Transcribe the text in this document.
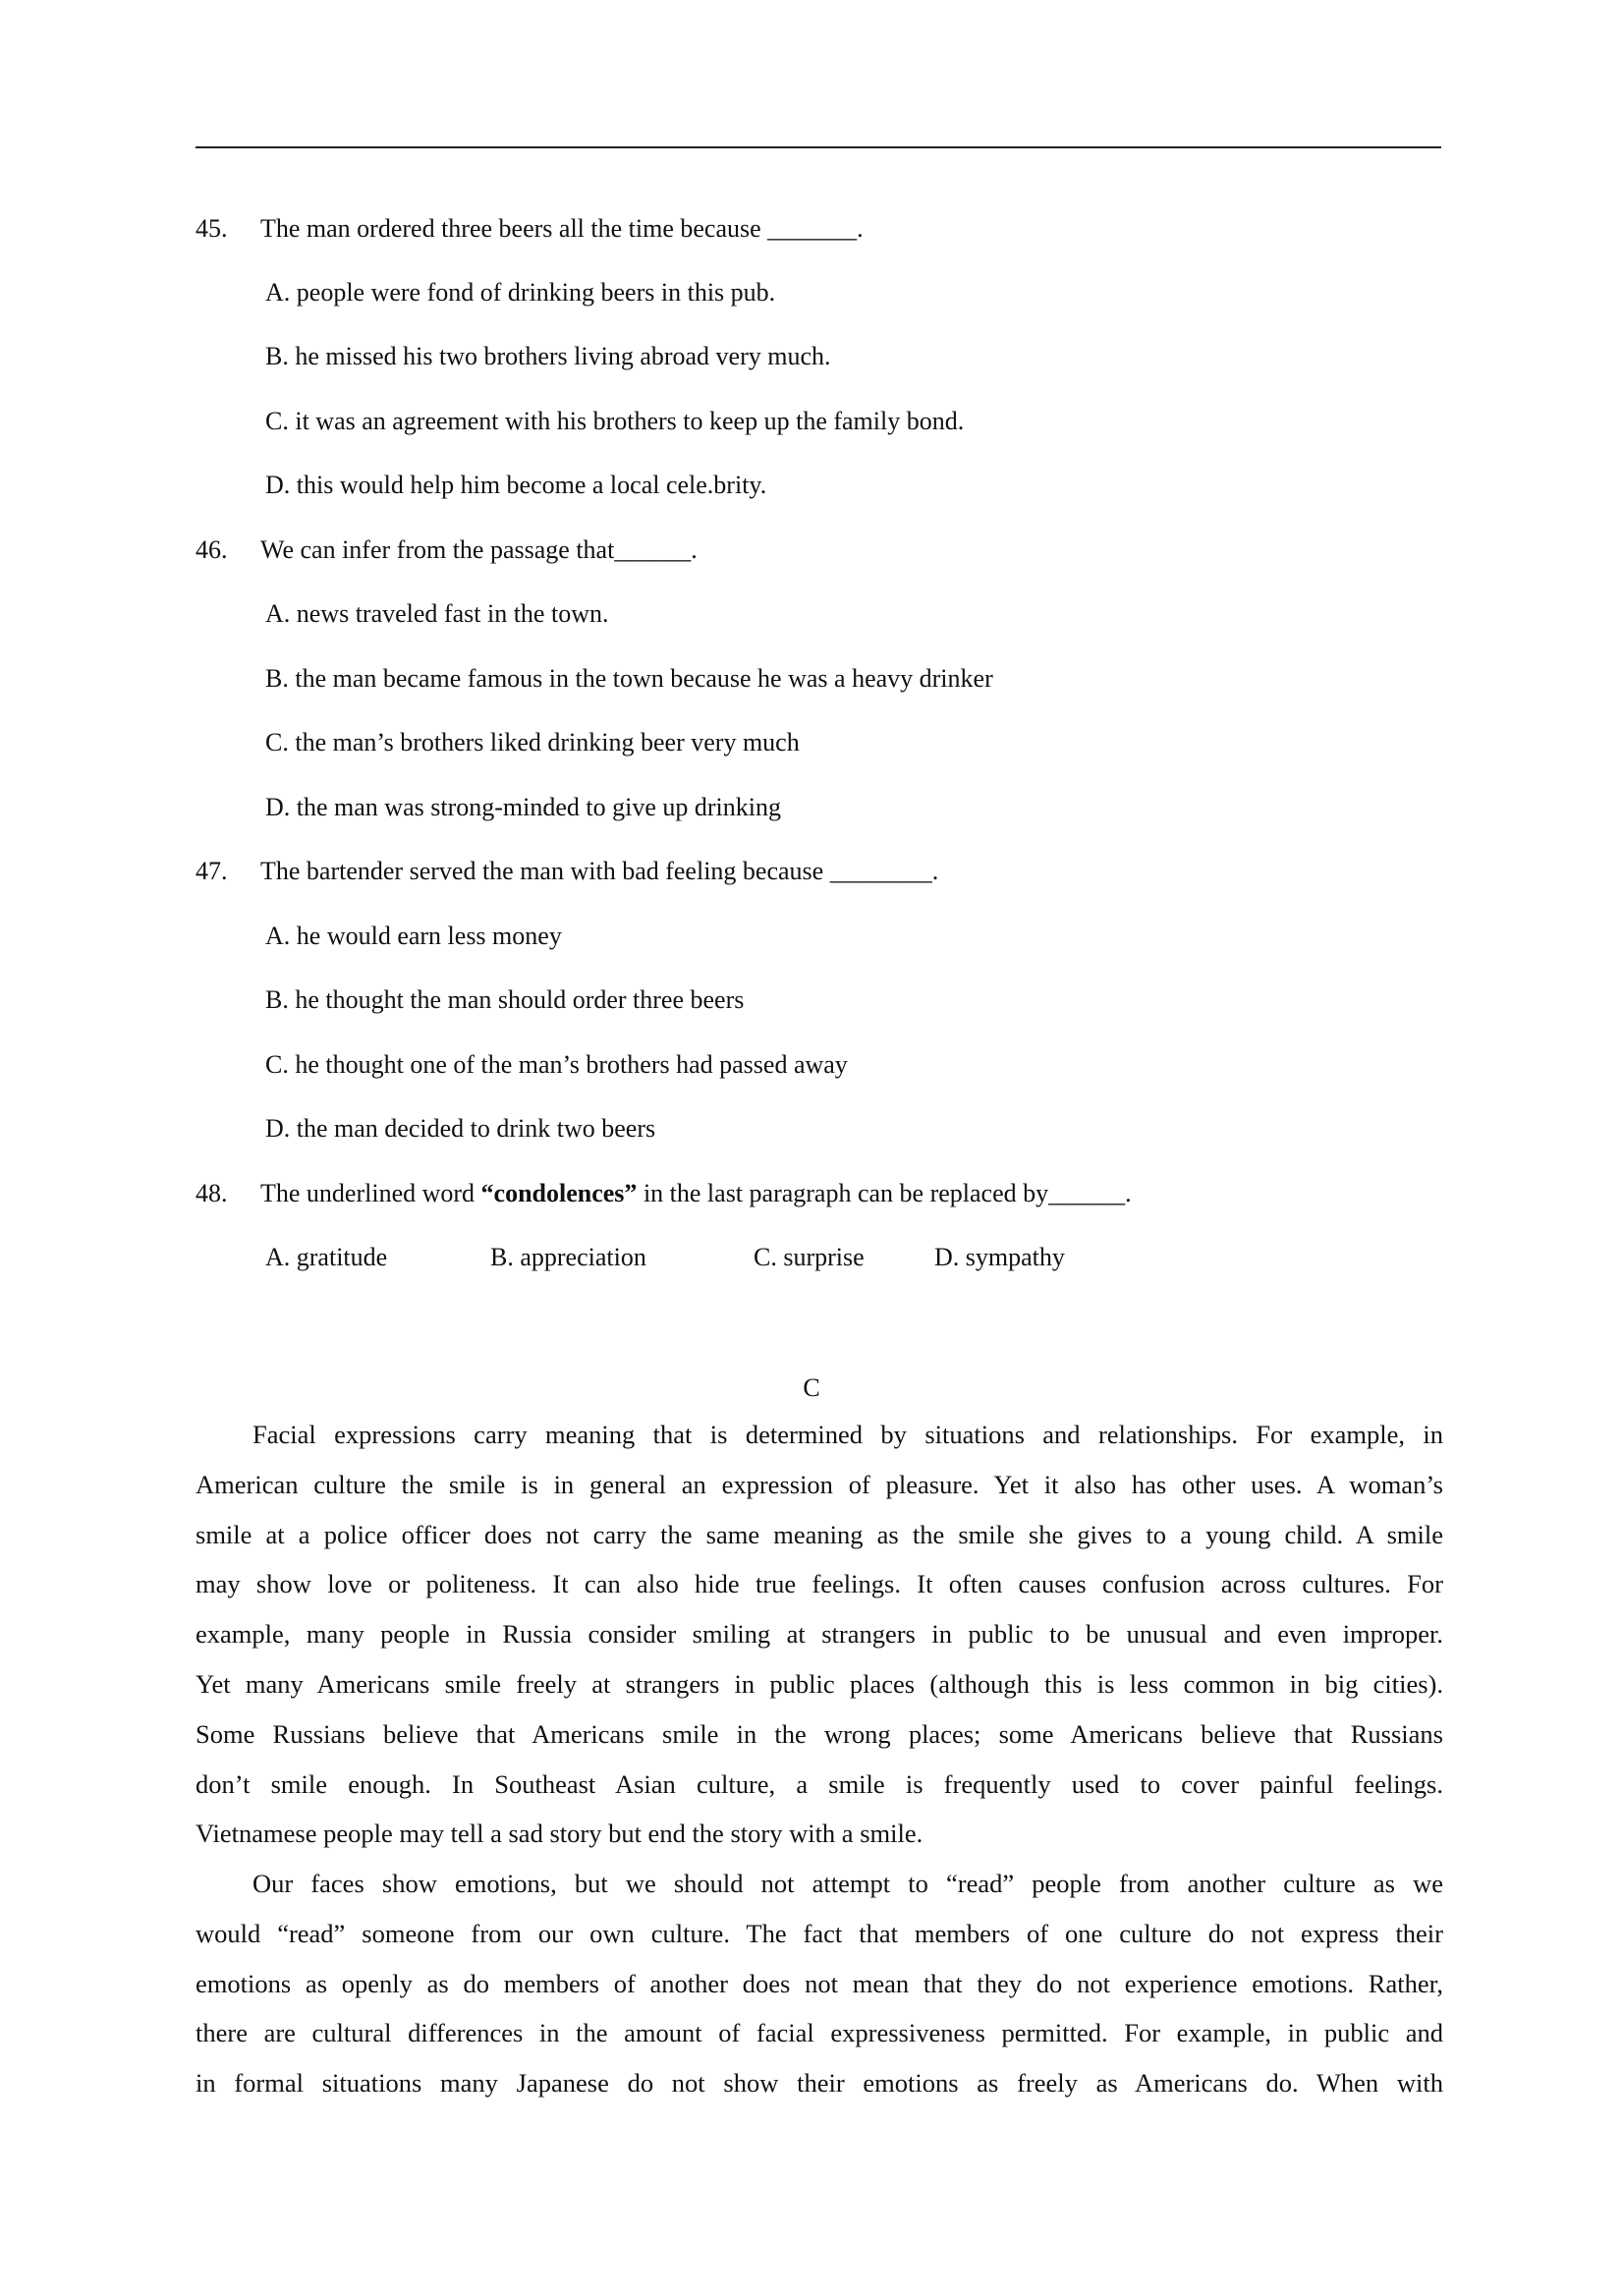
45. The man ordered three beers all the time because _______.
A. people were fond of drinking beers in this pub.
B. he missed his two brothers living abroad very much.
C. it was an agreement with his brothers to keep up the family bond.
D. this would help him become a local cele.brity.
46. We can infer from the passage that______.
A. news traveled fast in the town.
B. the man became famous in the town because he was a heavy drinker
C. the man’s brothers liked drinking beer very much
D. the man was strong-minded to give up drinking
47. The bartender served the man with bad feeling because ________.
A. he would earn less money
B. he thought the man should order three beers
C. he thought one of the man’s brothers had passed away
D. the man decided to drink two beers
48. The underlined word “condolences” in the last paragraph can be replaced by______.
A. gratitude	B. appreciation	C. surprise	D. sympathy
C

Facial expressions carry meaning that is determined by situations and relationships. For example, in

American culture the smile is in general an expression of pleasure. Yet it also has other uses. A woman’s
smile at a police officer does not carry the same meaning as the smile she gives to a young child. A smile
may show love or politeness. It can also hide true feelings. It often causes confusion across cultures. For
example, many people in Russia consider smiling at strangers in public to be unusual and even improper.
Yet many Americans smile freely at strangers in public places (although this is less common in big cities).
Some Russians believe that Americans smile in the wrong places; some Americans believe that Russians
don’t smile enough. In Southeast Asian culture, a smile is frequently used to cover painful feelings.
Vietnamese people may tell a sad story but end the story with a smile.

Our faces show emotions, but we should not attempt to “read” people from another culture as we

would “read” someone from our own culture. The fact that members of one culture do not express their
emotions as openly as do members of another does not mean that they do not experience emotions. Rather,
there are cultural differences in the amount of facial expressiveness permitted. For example, in public and
in formal situations many Japanese do not show their emotions as freely as Americans do. When with
